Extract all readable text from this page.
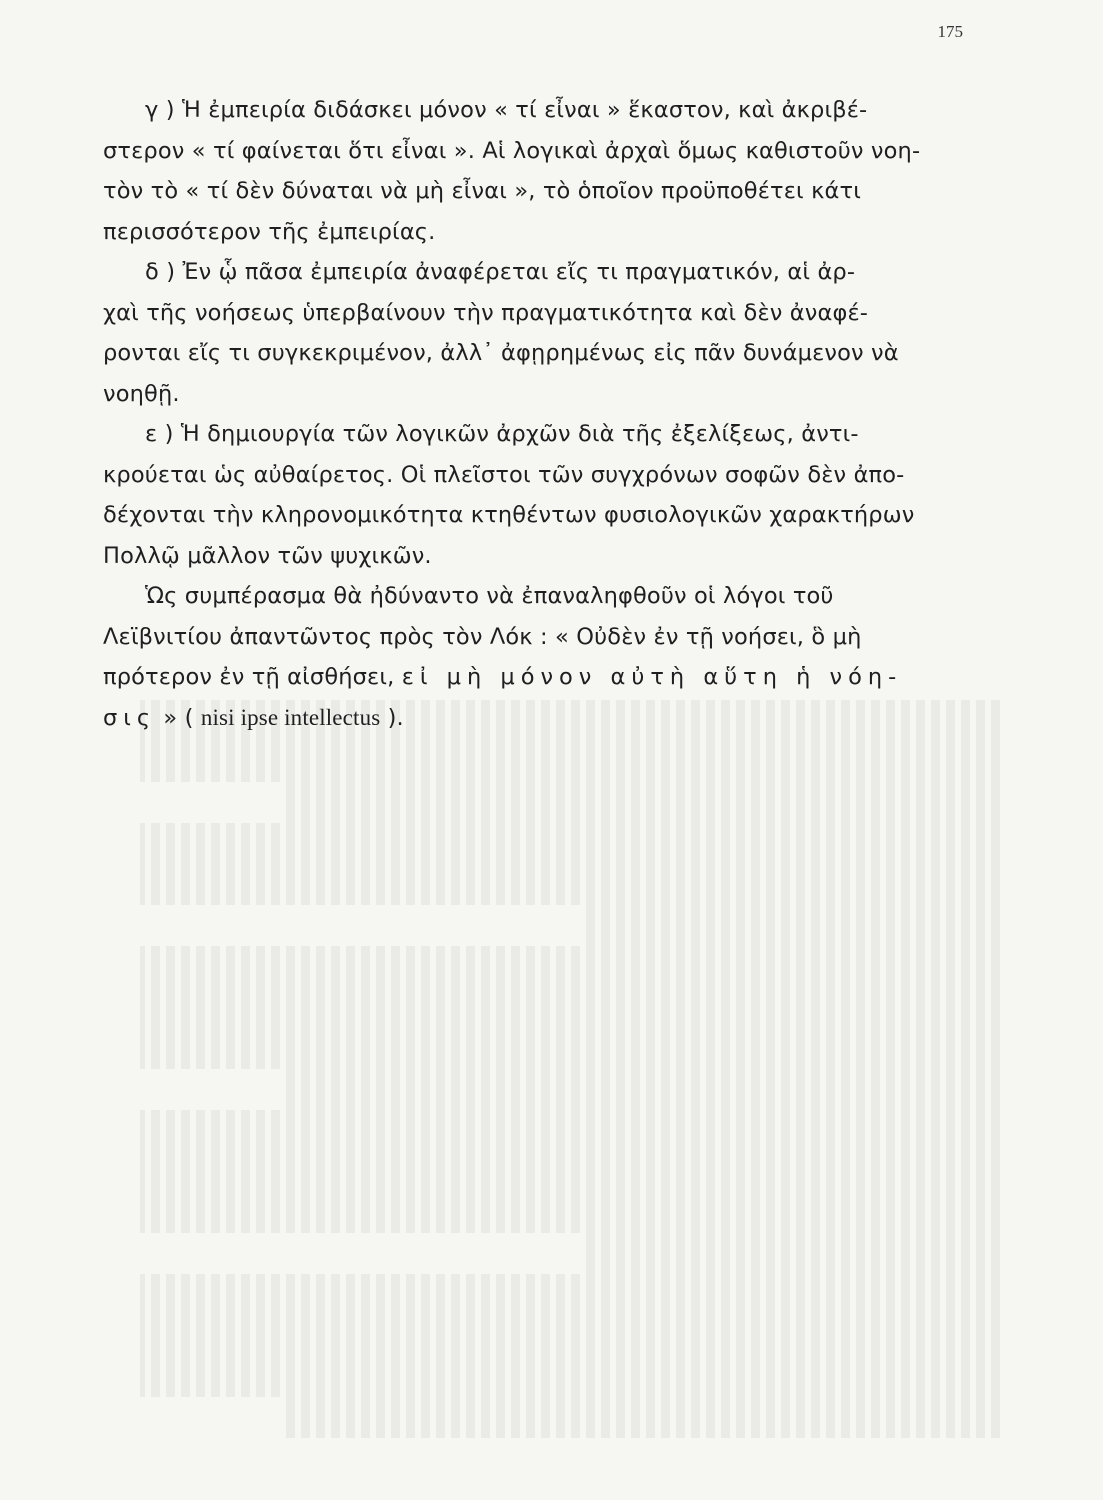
175

γ ) Ἡ ἐμπειρία διδάσκει μόνον « τί εἶναι » ἕκαστον, καὶ ἀκριβέ-
στερον « τί φαίνεται ὅτι εἶναι ». Αἱ λογικαὶ ἀρχαὶ ὅμως καθιστοῦν νοη-
τὸν τὸ « τί δὲν δύναται νὰ μὴ εἶναι », τὸ ὁποῖον προϋποθέτει κάτι
περισσότερον τῆς ἐμπειρίας.

δ ) Ἐν ᾧ πᾶσα ἐμπειρία ἀναφέρεται εἴς τι πραγματικόν, αἱ ἀρ-
χαὶ τῆς νοήσεως ὑπερβαίνουν τὴν πραγματικότητα καὶ δὲν ἀναφέ-
ρονται εἴς τι συγκεκριμένον, ἀλλ᾽ ἀφῃρημένως εἰς πᾶν δυνάμενον νὰ
νοηθῇ.

ε ) Ἡ δημιουργία τῶν λογικῶν ἀρχῶν διὰ τῆς ἐξελίξεως, ἀντι-
κρούεται ὡς αὐθαίρετος. Οἱ πλεῖστοι τῶν συγχρόνων σοφῶν δὲν ἀπο-
δέχονται τὴν κληρονομικότητα κτηθέντων φυσιολογικῶν χαρακτήρων
Πολλῷ μᾶλλον τῶν ψυχικῶν.

Ὡς συμπέρασμα θὰ ἠδύναντο νὰ ἐπαναληφθοῦν οἱ λόγοι τοῦ
Λεϊβνιτίου ἀπαντῶντος πρὸς τὸν Λόκ : « Οὐδὲν ἐν τῇ νοήσει, ὃ μὴ
πρότερον ἐν τῇ αἰσθήσει, εἰ μὴ μόνον αὐτὴ αὕτη ἡ νόη-
σις » ( nisi ipse intellectus ).
